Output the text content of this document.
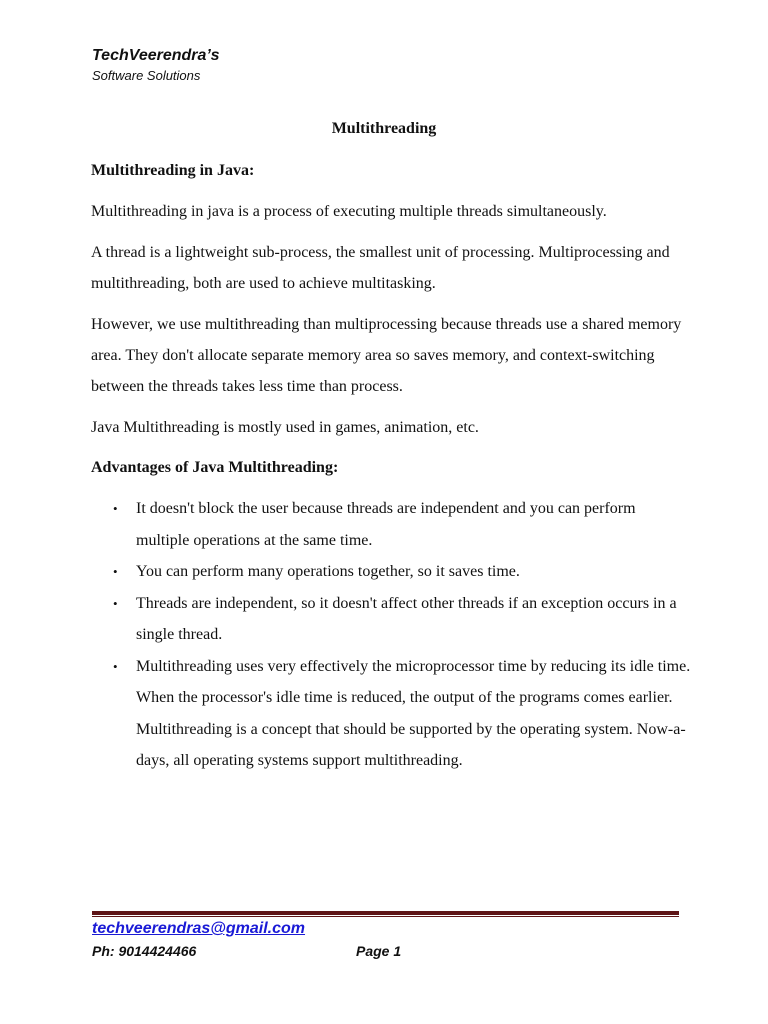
TechVeerendra’s
Software Solutions
Multithreading

Multithreading in Java:

Multithreading in java is a process of executing multiple threads simultaneously.

A thread is a lightweight sub-process, the smallest unit of processing. Multiprocessing and multithreading, both are used to achieve multitasking.

However, we use multithreading than multiprocessing because threads use a shared memory area. They don't allocate separate memory area so saves memory, and context-switching between the threads takes less time than process.

Java Multithreading is mostly used in games, animation, etc.

Advantages of Java Multithreading:

• It doesn't block the user because threads are independent and you can perform multiple operations at the same time.
• You can perform many operations together, so it saves time.
• Threads are independent, so it doesn't affect other threads if an exception occurs in a single thread.
• Multithreading uses very effectively the microprocessor time by reducing its idle time. When the processor's idle time is reduced, the output of the programs comes earlier. Multithreading is a concept that should be supported by the operating system. Now-a-days, all operating systems support multithreading.
techveerendras@gmail.com
Ph: 9014424466	Page 1
